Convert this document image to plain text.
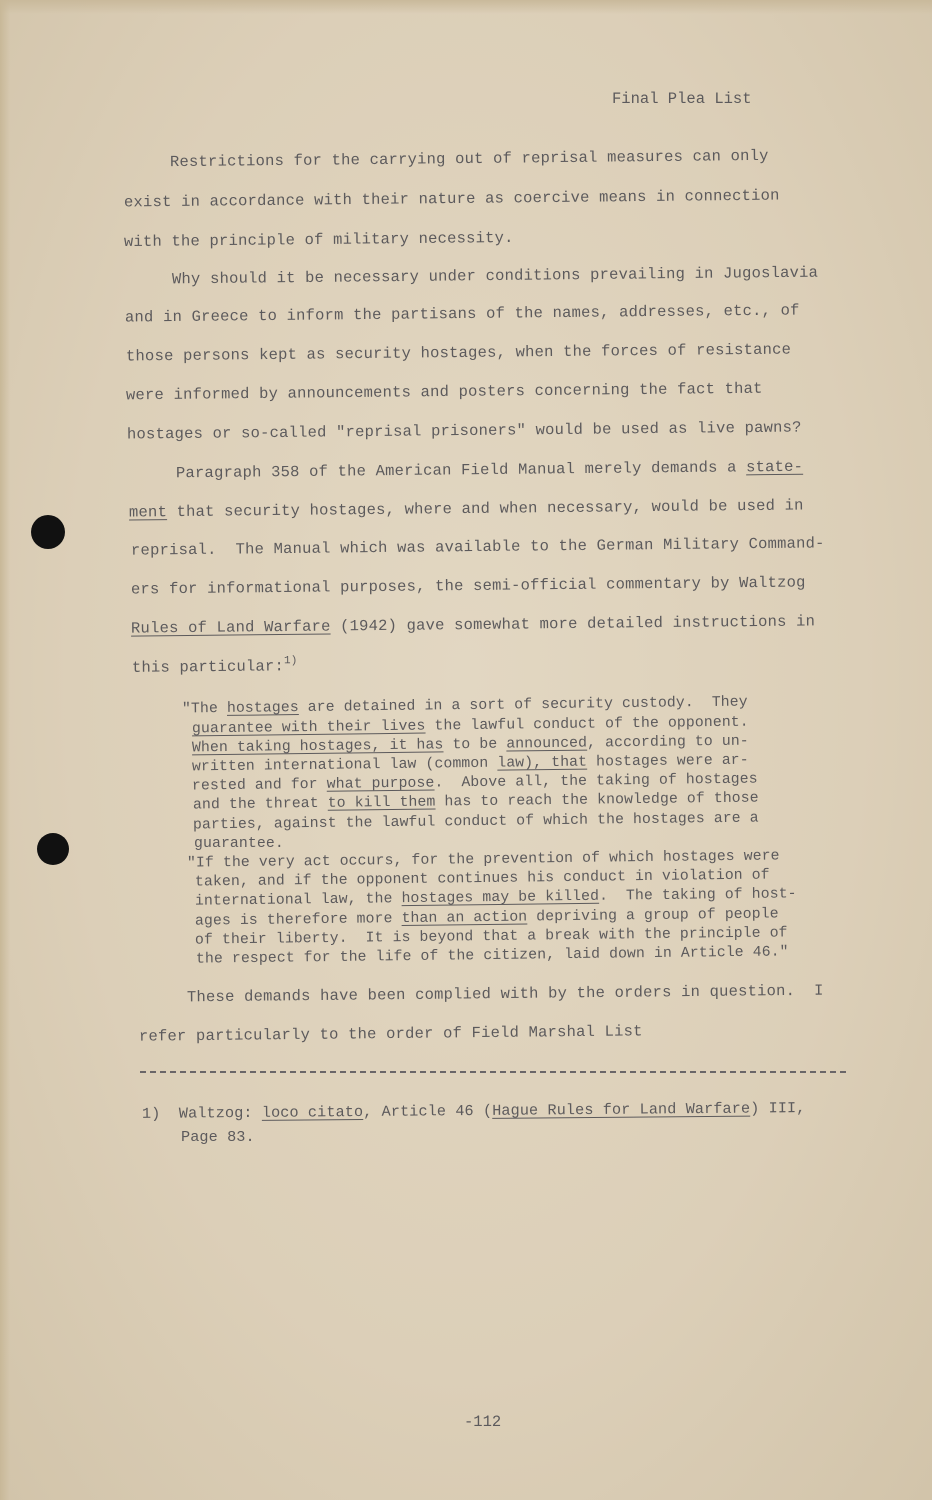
Final Plea List
Restrictions for the carrying out of reprisal measures can only
exist in accordance with their nature as coercive means in connection
with the principle of military necessity.
Why should it be necessary under conditions prevailing in Jugoslavia
and in Greece to inform the partisans of the names, addresses, etc., of
those persons kept as security hostages, when the forces of resistance
were informed by announcements and posters concerning the fact that
hostages or so-called "reprisal prisoners" would be used as live pawns?
Paragraph 358 of the American Field Manual merely demands a state-
ment that security hostages, where and when necessary, would be used in
reprisal.  The Manual which was available to the German Military Command-
ers for informational purposes, the semi-official commentary by Waltzog
Rules of Land Warfare (1942) gave somewhat more detailed instructions in
this particular:$^{1)}$
"The hostages are detained in a sort of security custody.  They
guarantee with their lives the lawful conduct of the opponent.
When taking hostages, it has to be announced, according to un-
written international law (common law), that hostages were ar-
rested and for what purpose.  Above all, the taking of hostages
and the threat to kill them has to reach the knowledge of those
parties, against the lawful conduct of which the hostages are a
guarantee.
"If the very act occurs, for the prevention of which hostages were
taken, and if the opponent continues his conduct in violation of
international law, the hostages may be killed.  The taking of host-
ages is therefore more than an action depriving a group of people
of their liberty.  It is beyond that a break with the principle of
the respect for the life of the citizen, laid down in Article 46."
These demands have been complied with by the orders in question.  I
refer particularly to the order of Field Marshal List
1) Waltzog: loco citato, Article 46 (Hague Rules for Land Warfare) III,
Page 83.
-112
